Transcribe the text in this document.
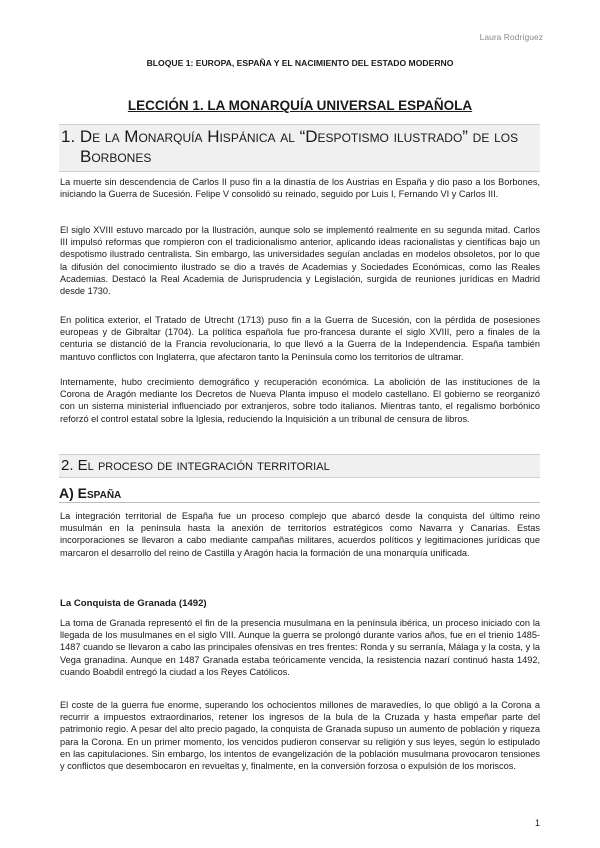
Laura Rodríguez
BLOQUE 1: EUROPA, ESPAÑA Y EL NACIMIENTO DEL ESTADO MODERNO
LECCIÓN 1. LA MONARQUÍA UNIVERSAL ESPAÑOLA
1. De la Monarquía Hispánica al “Despotismo ilustrado” de los
Borbones

La muerte sin descendencia de Carlos II puso fin a la dinastía de los Austrias en España y dio paso a los Borbones, iniciando la Guerra de Sucesión. Felipe V consolidó su reinado, seguido por Luis I, Fernando VI y Carlos III.

El siglo XVIII estuvo marcado por la Ilustración, aunque solo se implementó realmente en su segunda mitad. Carlos III impulsó reformas que rompieron con el tradicionalismo anterior, aplicando ideas racionalistas y científicas bajo un despotismo ilustrado centralista. Sin embargo, las universidades seguían ancladas en modelos obsoletos, por lo que la difusión del conocimiento ilustrado se dio a través de Academias y Sociedades Económicas, como las Reales Academias. Destacó la Real Academia de Jurisprudencia y Legislación, surgida de reuniones jurídicas en Madrid desde 1730.

En política exterior, el Tratado de Utrecht (1713) puso fin a la Guerra de Sucesión, con la pérdida de posesiones europeas y de Gibraltar (1704). La política española fue pro-francesa durante el siglo XVIII, pero a finales de la centuria se distanció de la Francia revolucionaria, lo que llevó a la Guerra de la Independencia. España también mantuvo conflictos con Inglaterra, que afectaron tanto la Península como los territorios de ultramar.

Internamente, hubo crecimiento demográfico y recuperación económica. La abolición de las instituciones de la Corona de Aragón mediante los Decretos de Nueva Planta impuso el modelo castellano. El gobierno se reorganizó con un sistema ministerial influenciado por extranjeros, sobre todo italianos. Mientras tanto, el regalismo borbónico reforzó el control estatal sobre la Iglesia, reduciendo la Inquisición a un tribunal de censura de libros.

2. El proceso de integración territorial
A) España

La integración territorial de España fue un proceso complejo que abarcó desde la conquista del último reino musulmán en la península hasta la anexión de territorios estratégicos como Navarra y Canarias. Estas incorporaciones se llevaron a cabo mediante campañas militares, acuerdos políticos y legitimaciones jurídicas que marcaron el desarrollo del reino de Castilla y Aragón hacia la formación de una monarquía unificada.

La Conquista de Granada (1492)

La toma de Granada representó el fin de la presencia musulmana en la península ibérica, un proceso iniciado con la llegada de los musulmanes en el siglo VIII. Aunque la guerra se prolongó durante varios años, fue en el trienio 1485-1487 cuando se llevaron a cabo las principales ofensivas en tres frentes: Ronda y su serranía, Málaga y la costa, y la Vega granadina. Aunque en 1487 Granada estaba teóricamente vencida, la resistencia nazarí continuó hasta 1492, cuando Boabdil entregó la ciudad a los Reyes Católicos.

El coste de la guerra fue enorme, superando los ochocientos millones de maravedíes, lo que obligó a la Corona a recurrir a impuestos extraordinarios, retener los ingresos de la bula de la Cruzada y hasta empeñar parte del patrimonio regio. A pesar del alto precio pagado, la conquista de Granada supuso un aumento de población y riqueza para la Corona. En un primer momento, los vencidos pudieron conservar su religión y sus leyes, según lo estipulado en las capitulaciones. Sin embargo, los intentos de evangelización de la población musulmana provocaron tensiones y conflictos que desembocaron en revueltas y, finalmente, en la conversión forzosa o expulsión de los moriscos.

1
